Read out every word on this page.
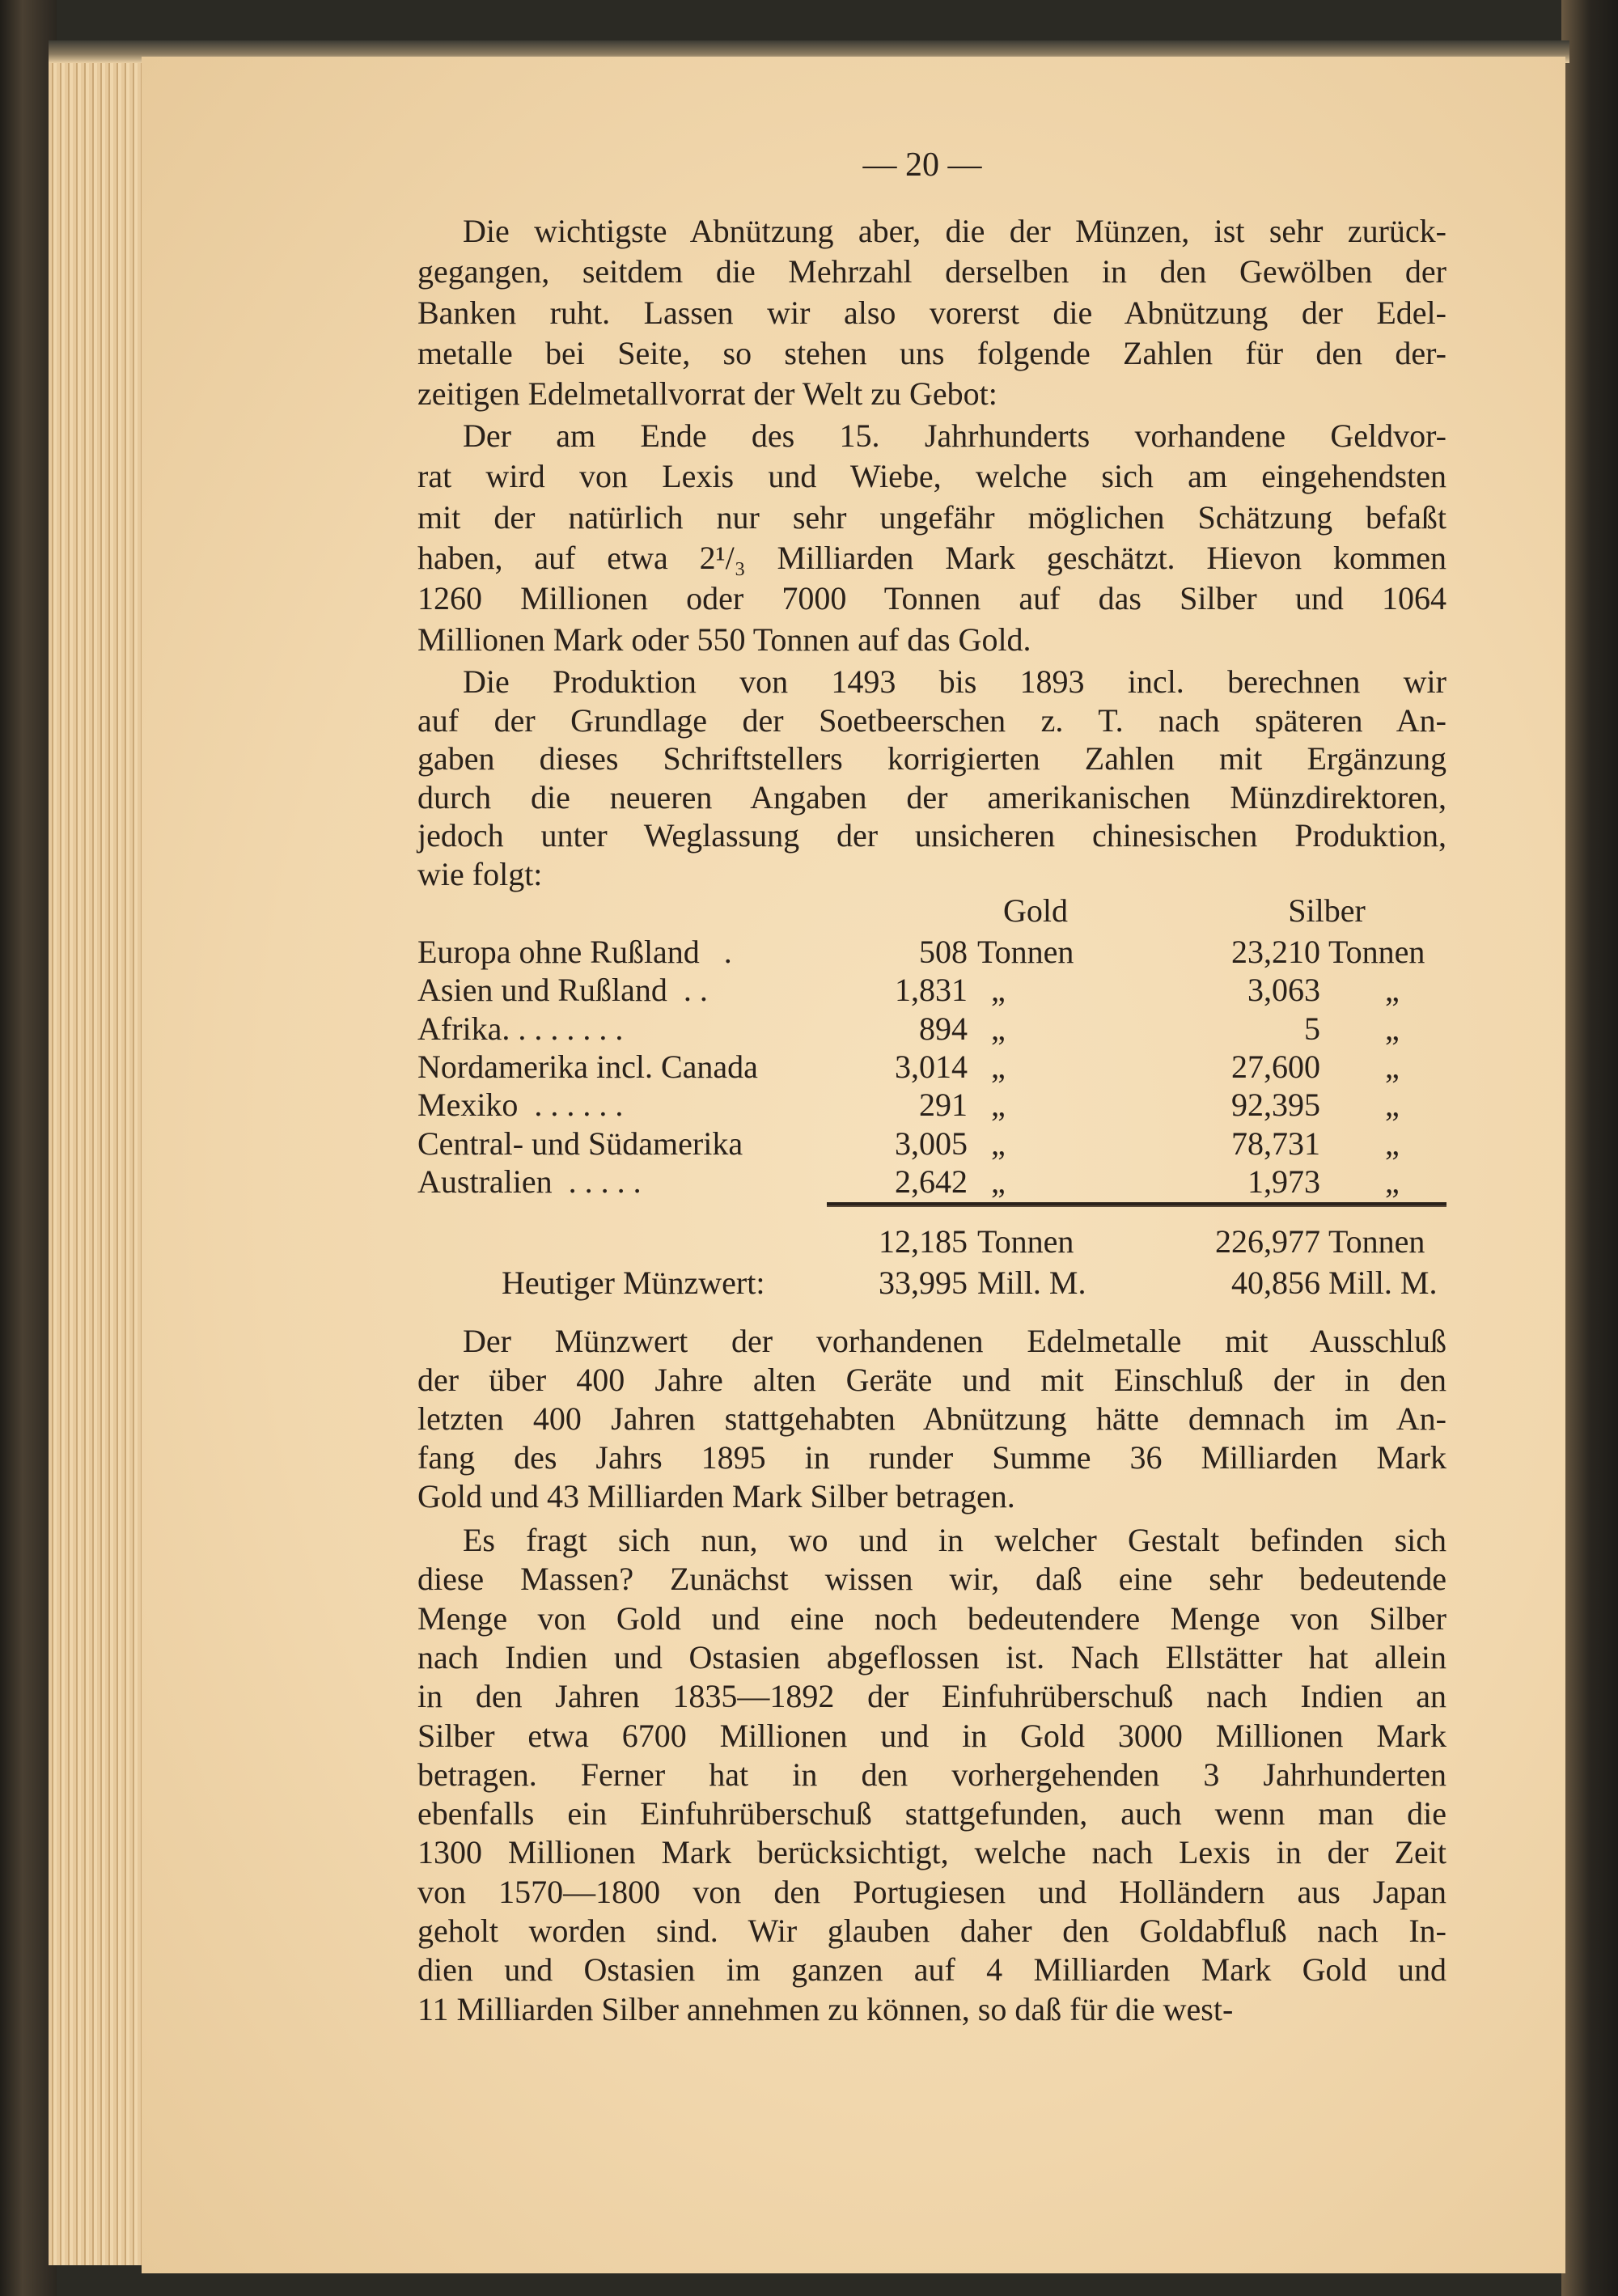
— 20 —
Die wichtigste Abnützung aber, die der Münzen, ist sehr zurück-
gegangen, seitdem die Mehrzahl derselben in den Gewölben der
Banken ruht. Lassen wir also vorerst die Abnützung der Edel-
metalle bei Seite, so stehen uns folgende Zahlen für den der-
zeitigen Edelmetallvorrat der Welt zu Gebot:
Der am Ende des 15. Jahrhunderts vorhandene Geldvor-
rat wird von Lexis und Wiebe, welche sich am eingehendsten
mit der natürlich nur sehr ungefähr möglichen Schätzung befaßt
haben, auf etwa 2¹/₃ Milliarden Mark geschätzt. Hievon kommen
1260 Millionen oder 7000 Tonnen auf das Silber und 1064
Millionen Mark oder 550 Tonnen auf das Gold.
Die Produktion von 1493 bis 1893 incl. berechnen wir
auf der Grundlage der Soetbeerschen z. T. nach späteren An-
gaben dieses Schriftstellers korrigierten Zahlen mit Ergänzung
durch die neueren Angaben der amerikanischen Münzdirektoren,
jedoch unter Weglassung der unsicheren chinesischen Produktion,
wie folgt:
Der Münzwert der vorhandenen Edelmetalle mit Ausschluß
der über 400 Jahre alten Geräte und mit Einschluß der in den
letzten 400 Jahren stattgehabten Abnützung hätte demnach im An-
fang des Jahrs 1895 in runder Summe 36 Milliarden Mark
Gold und 43 Milliarden Mark Silber betragen.
Es fragt sich nun, wo und in welcher Gestalt befinden sich
diese Massen? Zunächst wissen wir, daß eine sehr bedeutende
Menge von Gold und eine noch bedeutendere Menge von Silber
nach Indien und Ostasien abgeflossen ist. Nach Ellstätter hat allein
in den Jahren 1835—1892 der Einfuhrüberschuß nach Indien an
Silber etwa 6700 Millionen und in Gold 3000 Millionen Mark
betragen. Ferner hat in den vorhergehenden 3 Jahrhunderten
ebenfalls ein Einfuhrüberschuß stattgefunden, auch wenn man die
1300 Millionen Mark berücksichtigt, welche nach Lexis in der Zeit
von 1570—1800 von den Portugiesen und Holländern aus Japan
geholt worden sind. Wir glauben daher den Goldabfluß nach In-
dien und Ostasien im ganzen auf 4 Milliarden Mark Gold und
11 Milliarden Silber annehmen zu können, so daß für die west-
Gold	Silber
Europa ohne Rußland   .	508 Tonnen	23,210 Tonnen
Asien und Rußland  . .	1,831 „	3,063 „
Afrika. . . . . . . .	894 „	5 „
Nordamerika incl. Canada	3,014 „	27,600 „
Mexiko  . . . . . .	291 „	92,395 „
Central- und Südamerika	3,005 „	78,731 „
Australien  . . . . .	2,642 „	1,973 „
12,185 Tonnen	226,977 Tonnen
Heutiger Münzwert:	33,995 Mill. M.	40,856 Mill. M.
